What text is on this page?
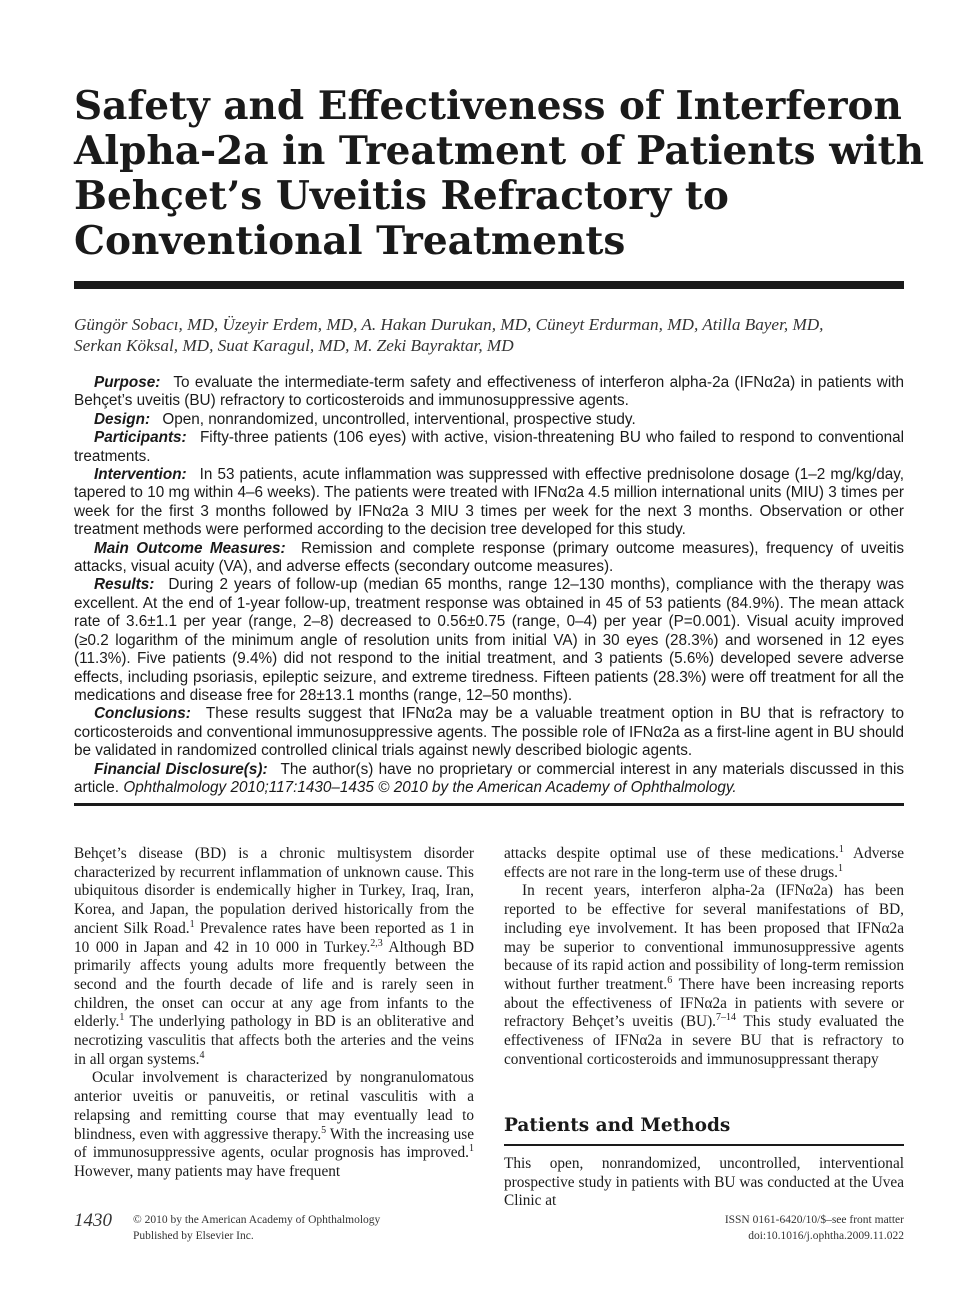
Safety and Effectiveness of Interferon
Alpha-2a in Treatment of Patients with
Behçet’s Uveitis Refractory to
Conventional Treatments
Güngör Sobacı, MD, Üzeyir Erdem, MD, A. Hakan Durukan, MD, Cüneyt Erdurman, MD, Atilla Bayer, MD,
Serkan Köksal, MD, Suat Karagul, MD, M. Zeki Bayraktar, MD

Purpose: To evaluate the intermediate-term safety and effectiveness of interferon alpha-2a (IFNα2a) in patients with Behçet’s uveitis (BU) refractory to corticosteroids and immunosuppressive agents.

Design: Open, nonrandomized, uncontrolled, interventional, prospective study.

Participants: Fifty-three patients (106 eyes) with active, vision-threatening BU who failed to respond to conventional treatments.

Intervention: In 53 patients, acute inflammation was suppressed with effective prednisolone dosage (1–2 mg/kg/day, tapered to 10 mg within 4–6 weeks). The patients were treated with IFNα2a 4.5 million international units (MIU) 3 times per week for the first 3 months followed by IFNα2a 3 MIU 3 times per week for the next 3 months. Observation or other treatment methods were performed according to the decision tree developed for this study.

Main Outcome Measures: Remission and complete response (primary outcome measures), frequency of uveitis attacks, visual acuity (VA), and adverse effects (secondary outcome measures).

Results: During 2 years of follow-up (median 65 months, range 12–130 months), compliance with the therapy was excellent. At the end of 1-year follow-up, treatment response was obtained in 45 of 53 patients (84.9%). The mean attack rate of 3.6±1.1 per year (range, 2–8) decreased to 0.56±0.75 (range, 0–4) per year (P=0.001). Visual acuity improved (≥0.2 logarithm of the minimum angle of resolution units from initial VA) in 30 eyes (28.3%) and worsened in 12 eyes (11.3%). Five patients (9.4%) did not respond to the initial treatment, and 3 patients (5.6%) developed severe adverse effects, including psoriasis, epileptic seizure, and extreme tiredness. Fifteen patients (28.3%) were off treatment for all the medications and disease free for 28±13.1 months (range, 12–50 months).

Conclusions: These results suggest that IFNα2a may be a valuable treatment option in BU that is refractory to corticosteroids and conventional immunosuppressive agents. The possible role of IFNα2a as a first-line agent in BU should be validated in randomized controlled clinical trials against newly described biologic agents.

Financial Disclosure(s): The author(s) have no proprietary or commercial interest in any materials discussed in this article. Ophthalmology 2010;117:1430–1435 © 2010 by the American Academy of Ophthalmology.

Behçet’s disease (BD) is a chronic multisystem disorder characterized by recurrent inflammation of unknown cause. This ubiquitous disorder is endemically higher in Turkey, Iraq, Iran, Korea, and Japan, the population derived historically from the ancient Silk Road.$^1$ Prevalence rates have been reported as 1 in 10 000 in Japan and 42 in 10 000 in Turkey.$^{2,3}$ Although BD primarily affects young adults more frequently between the second and the fourth decade of life and is rarely seen in children, the onset can occur at any age from infants to the elderly.$^1$ The underlying pathology in BD is an obliterative and necrotizing vasculitis that affects both the arteries and the veins in all organ systems.$^4$

Ocular involvement is characterized by nongranulomatous anterior uveitis or panuveitis, or retinal vasculitis with a relapsing and remitting course that may eventually lead to blindness, even with aggressive therapy.$^5$ With the increasing use of immunosuppressive agents, ocular prognosis has improved.$^1$ However, many patients may have frequent

attacks despite optimal use of these medications.$^1$ Adverse effects are not rare in the long-term use of these drugs.$^1$

In recent years, interferon alpha-2a (IFNα2a) has been reported to be effective for several manifestations of BD, including eye involvement. It has been proposed that IFNα2a may be superior to conventional immunosuppressive agents because of its rapid action and possibility of long-term remission without further treatment.$^6$ There have been increasing reports about the effectiveness of IFNα2a in patients with severe or refractory Behçet’s uveitis (BU).$^{7-14}$ This study evaluated the effectiveness of IFNα2a in severe BU that is refractory to conventional corticosteroids and immunosuppressant therapy

Patients and Methods

This open, nonrandomized, uncontrolled, interventional prospective study in patients with BU was conducted at the Uvea Clinic at

1430 © 2010 by the American Academy of Ophthalmology
Published by Elsevier Inc.
ISSN 0161-6420/10/$–see front matter
doi:10.1016/j.ophtha.2009.11.022
